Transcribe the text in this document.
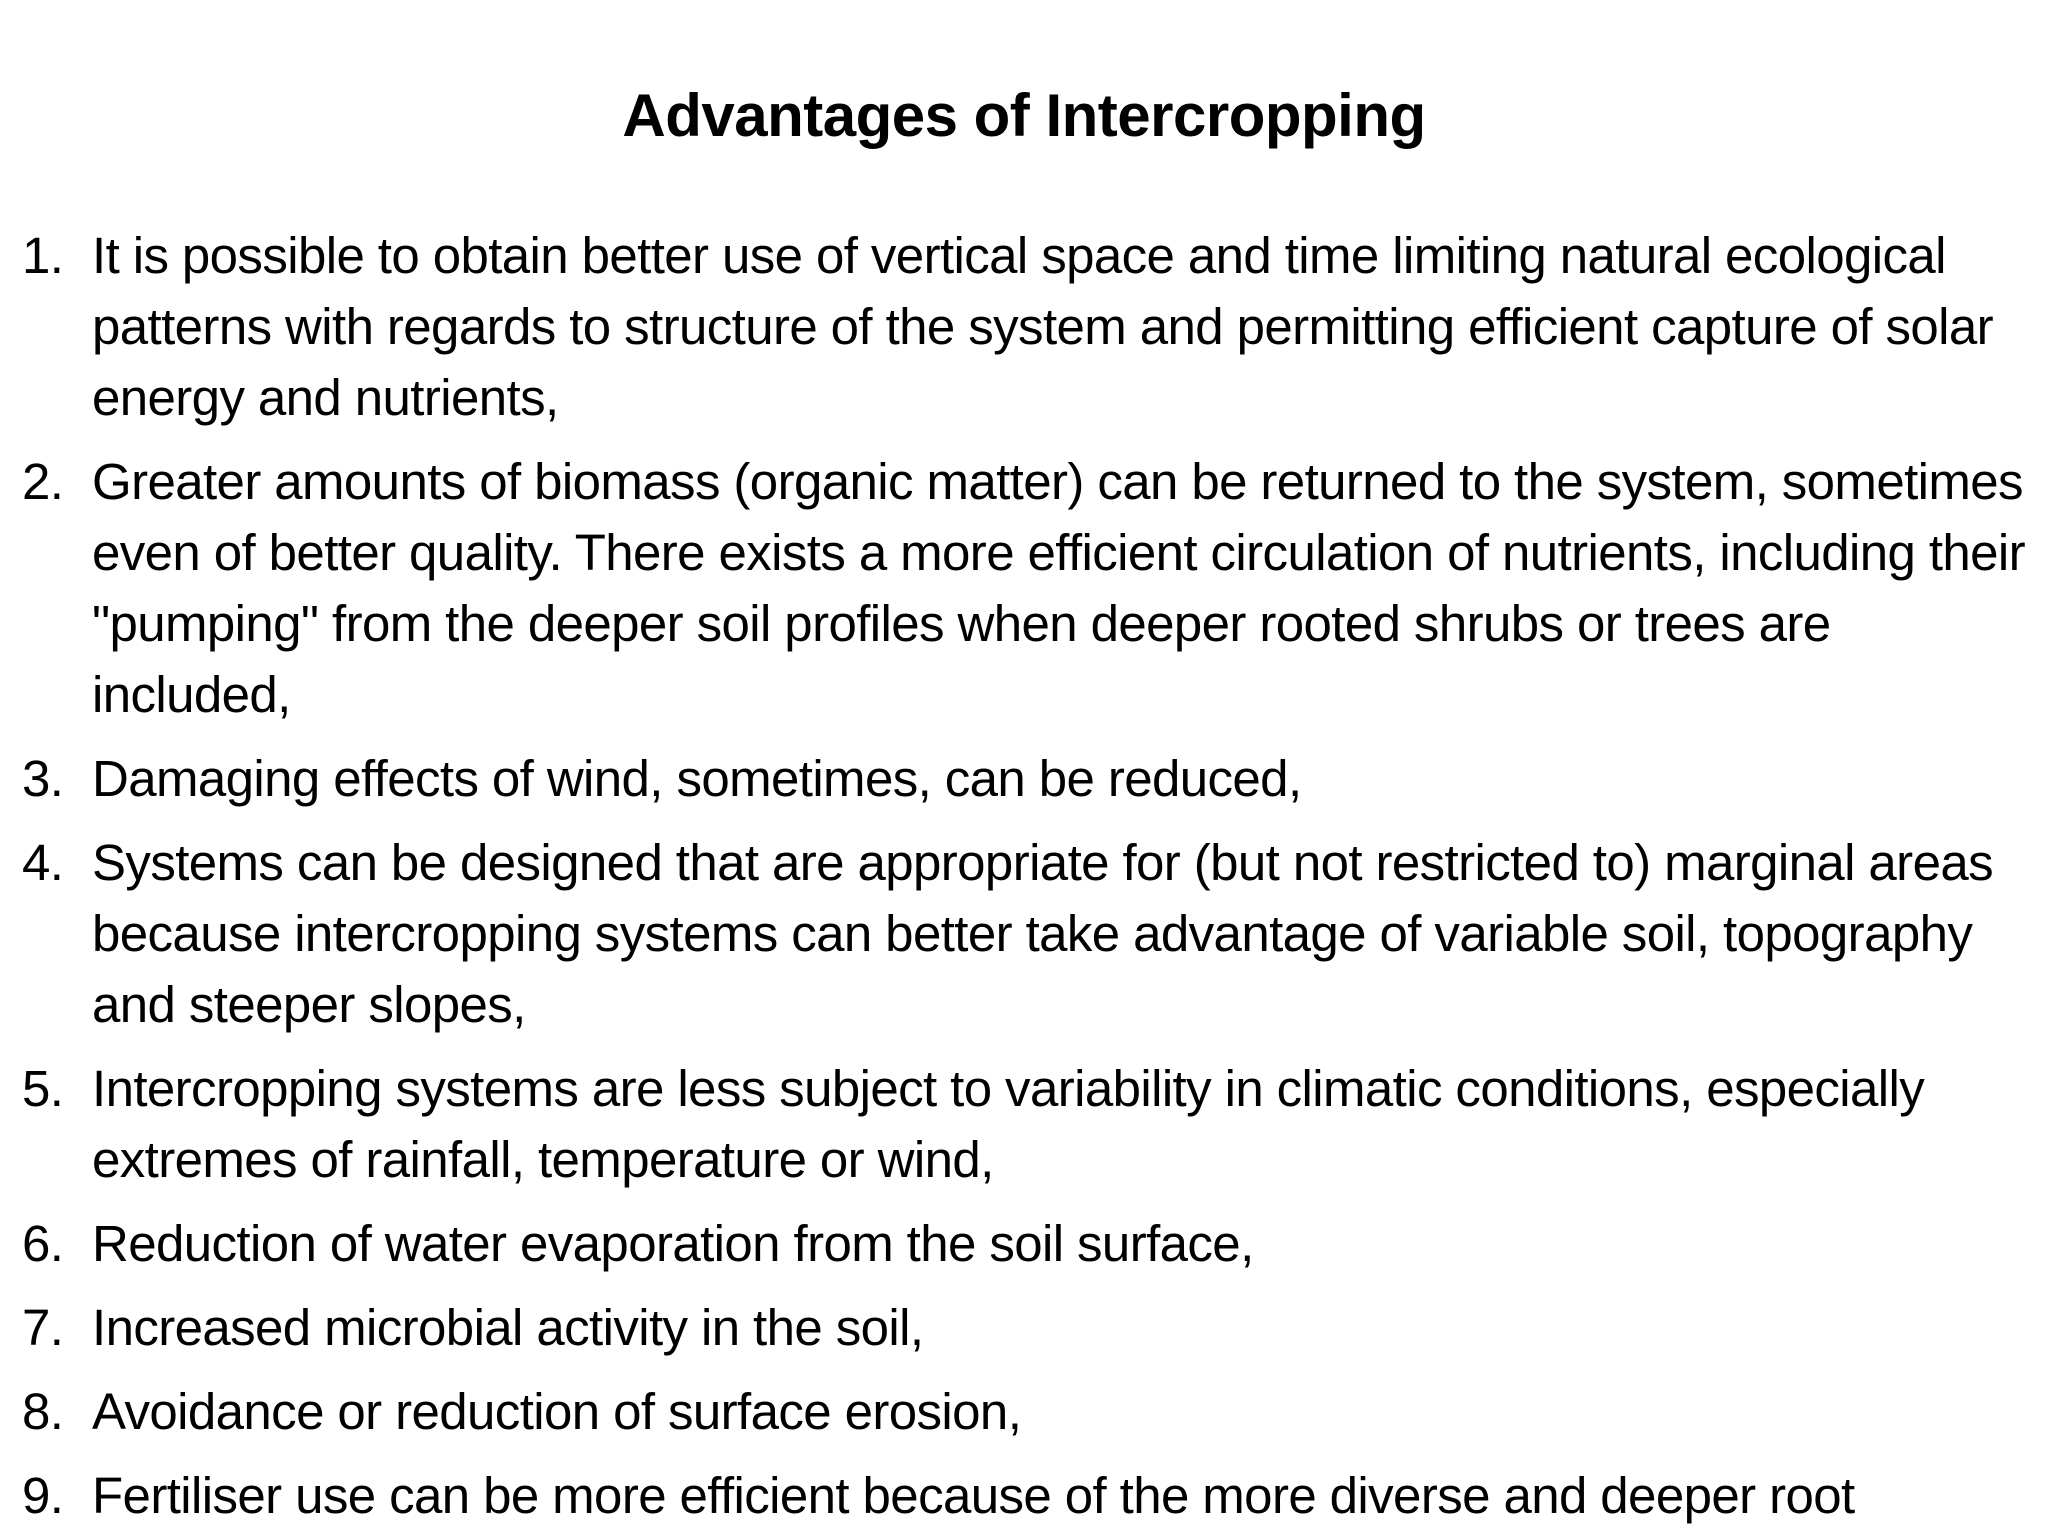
Advantages of Intercropping
1. It is possible to obtain better use of vertical space and time limiting natural ecological patterns with regards to structure of the system and permitting efficient capture of solar energy and nutrients,
2. Greater amounts of biomass (organic matter) can be returned to the system, sometimes even of better quality. There exists a more efficient circulation of nutrients, including their "pumping" from the deeper soil profiles when deeper rooted shrubs or trees are included,
3. Damaging effects of wind, sometimes, can be reduced,
4. Systems can be designed that are appropriate for (but not restricted to) marginal areas because intercropping systems can better take advantage of variable soil, topography and steeper slopes,
5. Intercropping systems are less subject to variability in climatic conditions, especially extremes of rainfall, temperature or wind,
6. Reduction of water evaporation from the soil surface,
7. Increased microbial activity in the soil,
8. Avoidance or reduction of surface erosion,
9. Fertiliser use can be more efficient because of the more diverse and deeper root
